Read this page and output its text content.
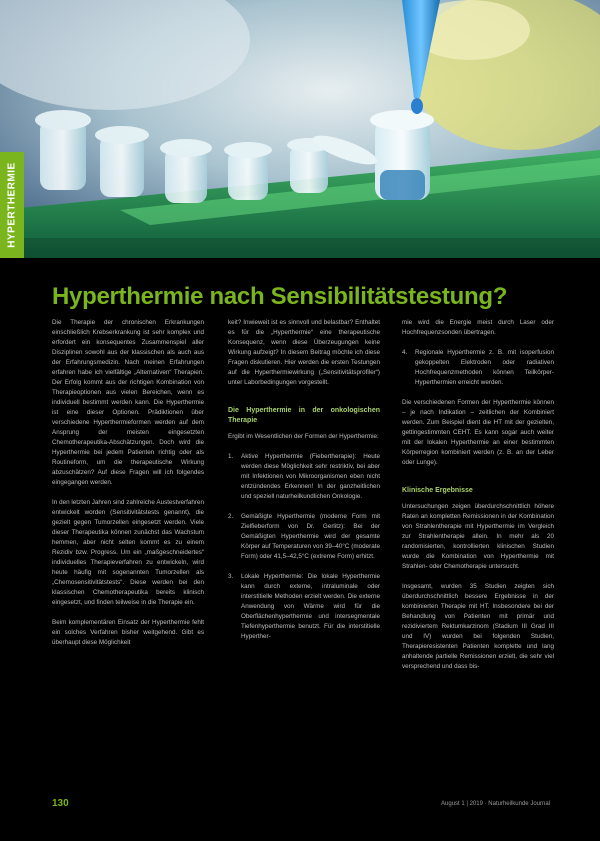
HYPERTHERMIE
Hyperthermie nach Sensibilitätstestung?

Die Therapie der chronischen Erkrankungen einschließlich Krebserkrankung ist sehr komplex und erfordert ein konsequentes Zusammenspiel aller Disziplinen sowohl aus der klassischen als auch aus der Erfahrungsmedizin. Nach meinen Erfahrungen erfahren habe ich vielfältige „Alternativen“ Therapien. Der Erfolg kommt aus der richtigen Kombination von Therapieoptionen aus vielen Bereichen, wenn es individuell bestimmt werden kann. Die Hyperthermie ist eine dieser Optionen. Prädiktionen über verschiedene Hyperthermieformen werden auf dem Ansprung der meisten eingesetzten Chemotherapeutika-Abschätzungen. Doch wird die Hyperthermie bei jedem Patienten richtig oder als Routineform, um die therapeutische Wirkung abzuschätzen? Auf diese Fragen will ich folgendes eingegangen werden.

In den letzten Jahren sind zahlreiche Austestverfahren entwickelt worden (Sensitivitätstests genannt), die gezielt gegen Tumorzellen eingesetzt werden. Viele dieser Therapeutika können zunächst das Wachstum hemmen, aber nicht selten kommt es zu einem Rezidiv bzw. Progress. Um ein „maßgeschneidertes“ individuelles Therapieverfahren zu entwickeln, wird heute häufig mit sogenannten Tumorzellen als „Chemosensitivitätstests“. Diese werden bei den klassischen Chemotherapeutika bereits klinisch eingesetzt, und finden teilweise in die Therapie ein.

Beim komplementären Einsatz der Hyperthermie fehlt ein solches Verfahren bisher weitgehend. Gibt es überhaupt diese Möglichkeit

keit? Inwieweit ist es sinnvoll und belastbar? Enthaltet es für die „Hyperthermie“ eine therapeutische Konsequenz, wenn diese Überzeugungen keine Wirkung aufzeigt? In diesem Beitrag möchte ich diese Fragen diskutieren. Hier werden die ersten Testungen auf die Hyperthermiewirkung („Sensitivitätsprofiler“) unter Laborbedingungen vorgestellt.

Die Hyperthermie in der onkologischen Therapie

Ergibt im Wesentlichen der Formen der Hyperthermie:

1. Aktive Hyperthermie (Fiebertherapie): Heute werden diese Möglichkeit sehr restriktiv, bei aber mit Infektionen von Mikroorganismen eben nicht entzündendes Erkennen! In der ganzheitlichen und speziell naturheilkundlichen Onkologie.
2. Gemäßigte Hyperthermie (moderne Form mit Zielfieberform von Dr. Gerlitz): Bei der Gemäßigten Hyperthermie wird der gesamte Körper auf Temperaturen von 39–40°C (moderate Form) oder 41,5–42,5°C (extreme Form) erhitzt.
3. Lokale Hyperthermie: Die lokale Hyperthermie kann durch externe, intraluminale oder interstitielle Methoden erzielt werden. Die externe Anwendung von Wärme wird für die Oberflächenhyperthermie und intersegmentale Tiefenhyperthermie benutzt. Für die interstitielle Hyperther-

mie wird die Energie meist durch Laser oder Hochfrequenzsonden übertragen.

4. Regionale Hyperthermie z. B. mit isoperfusion gekoppelten Elektroden oder radiativen Hochfrequenzmethoden können Teilkörper-Hyperthermien erreicht werden.

Die verschiedenen Formen der Hyperthermie können – je nach Indikation – zeitlichen der Kombiniert werden. Zum Beispiel dient die HT mit der gezielten, gettingestimmten CEHT. Es kann sogar auch weiter mit der lokalen Hyperthermie an einer bestimmten Körperregion kombiniert werden (z. B. an der Leber oder Lunge).

Klinische Ergebnisse

Untersuchungen zeigen überdurchschnittlich höhere Raten an kompletten Remissionen in der Kombination von Strahlentherapie mit Hyperthermie im Vergleich zur Strahlentherapie allein. In mehr als 20 randomisierten, kontrollierten klinischen Studien wurde die Kombination von Hyperthermie mit Strahlen- oder Chemotherapie untersucht.

Insgesamt, wurden 35 Studien zeigten sich überdurchschnittlich bessere Ergebnisse in der kombinierten Therapie mit HT. Insbesondere bei der Behandlung von Patienten mit primär und rezidiviertem Rektumkarzinom (Stadium III Grad III und IV) wurden bei folgenden Studien, Therapieresistenten Patienten komplette und lang anhaltende partielle Remissionen erzielt, die sehr viel versprechend und dass bis-

130	August 1 | 2019 · Naturheilkunde Journal
